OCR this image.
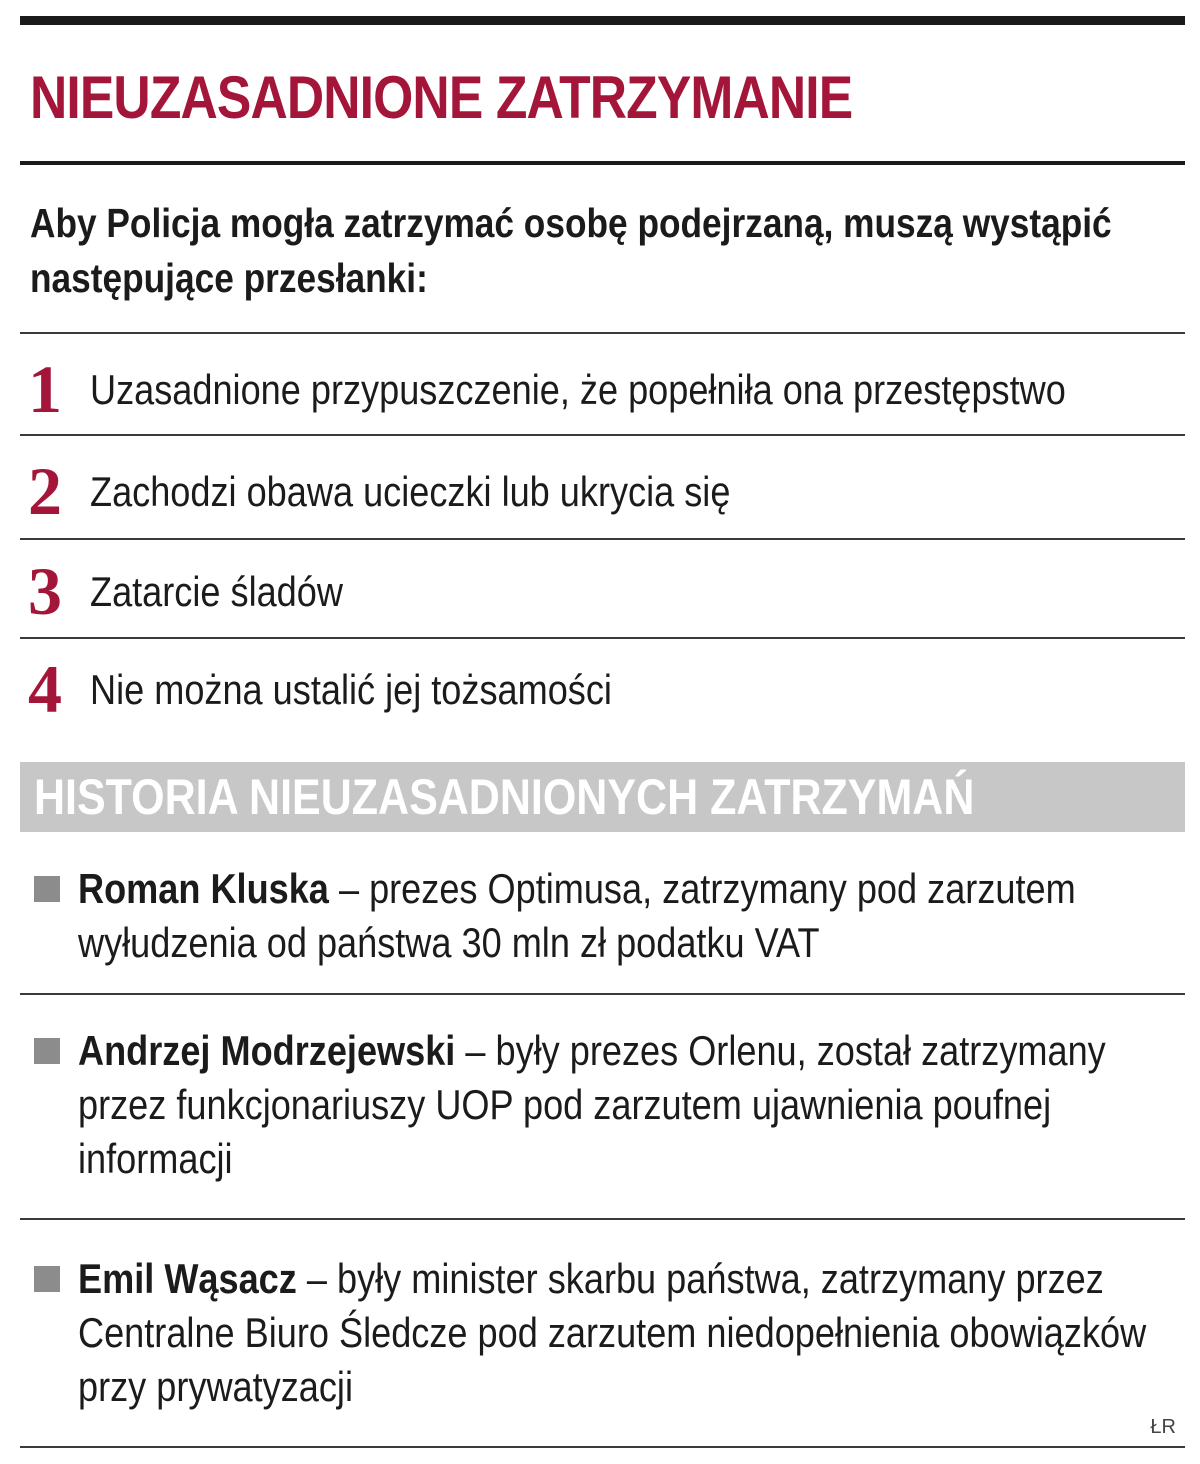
NIEUZASADNIONE ZATRZYMANIE

Aby Policja mogła zatrzymać osobę podejrzaną, muszą wystąpić następujące przesłanki:

1 Uzasadnione przypuszczenie, że popełniła ona przestępstwo
2 Zachodzi obawa ucieczki lub ukrycia się
3 Zatarcie śladów
4 Nie można ustalić jej tożsamości
HISTORIA NIEUZASADNIONYCH ZATRZYMAŃ
Roman Kluska – prezes Optimusa, zatrzymany pod zarzutem wyłudzenia od państwa 30 mln zł podatku VAT
Andrzej Modrzejewski – były prezes Orlenu, został zatrzymany przez funkcjonariuszy UOP pod zarzutem ujawnienia poufnej informacji
Emil Wąsacz – były minister skarbu państwa, zatrzymany przez Centralne Biuro Śledcze pod zarzutem niedopełnienia obowiązków przy prywatyzacji
ŁR
